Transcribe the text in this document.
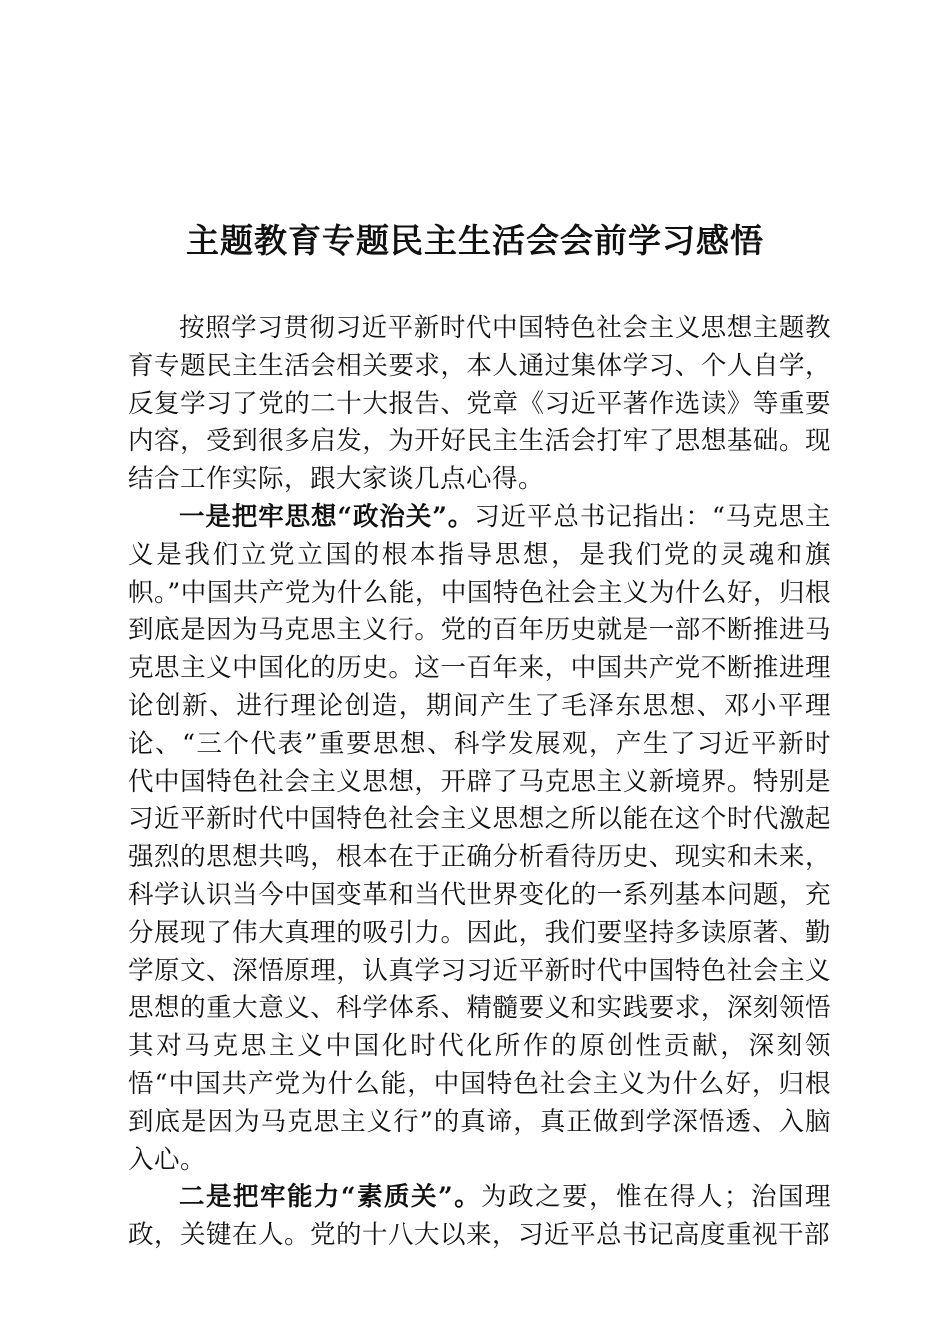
主题教育专题民主生活会会前学习感悟

按照学习贯彻习近平新时代中国特色社会主义思想主题教育专题民主生活会相关要求，本人通过集体学习、个人自学，反复学习了党的二十大报告、党章《习近平著作选读》等重要内容，受到很多启发，为开好民主生活会打牢了思想基础。现结合工作实际，跟大家谈几点心得。

一是把牢思想“政治关”。习近平总书记指出：“马克思主义是我们立党立国的根本指导思想，是我们党的灵魂和旗帜。”中国共产党为什么能，中国特色社会主义为什么好，归根到底是因为马克思主义行。党的百年历史就是一部不断推进马克思主义中国化的历史。这一百年来，中国共产党不断推进理论创新、进行理论创造，期间产生了毛泽东思想、邓小平理论、“三个代表”重要思想、科学发展观，产生了习近平新时代中国特色社会主义思想，开辟了马克思主义新境界。特别是习近平新时代中国特色社会主义思想之所以能在这个时代激起强烈的思想共鸣，根本在于正确分析看待历史、现实和未来，科学认识当今中国变革和当代世界变化的一系列基本问题，充分展现了伟大真理的吸引力。因此，我们要坚持多读原著、勤学原文、深悟原理，认真学习习近平新时代中国特色社会主义思想的重大意义、科学体系、精髓要义和实践要求，深刻领悟其对马克思主义中国化时代化所作的原创性贡献，深刻领悟“中国共产党为什么能，中国特色社会主义为什么好，归根到底是因为马克思主义行”的真谛，真正做到学深悟透、入脑入心。

二是把牢能力“素质关”。为政之要，惟在得人；治国理政，关键在人。党的十八大以来，习近平总书记高度重视干部
